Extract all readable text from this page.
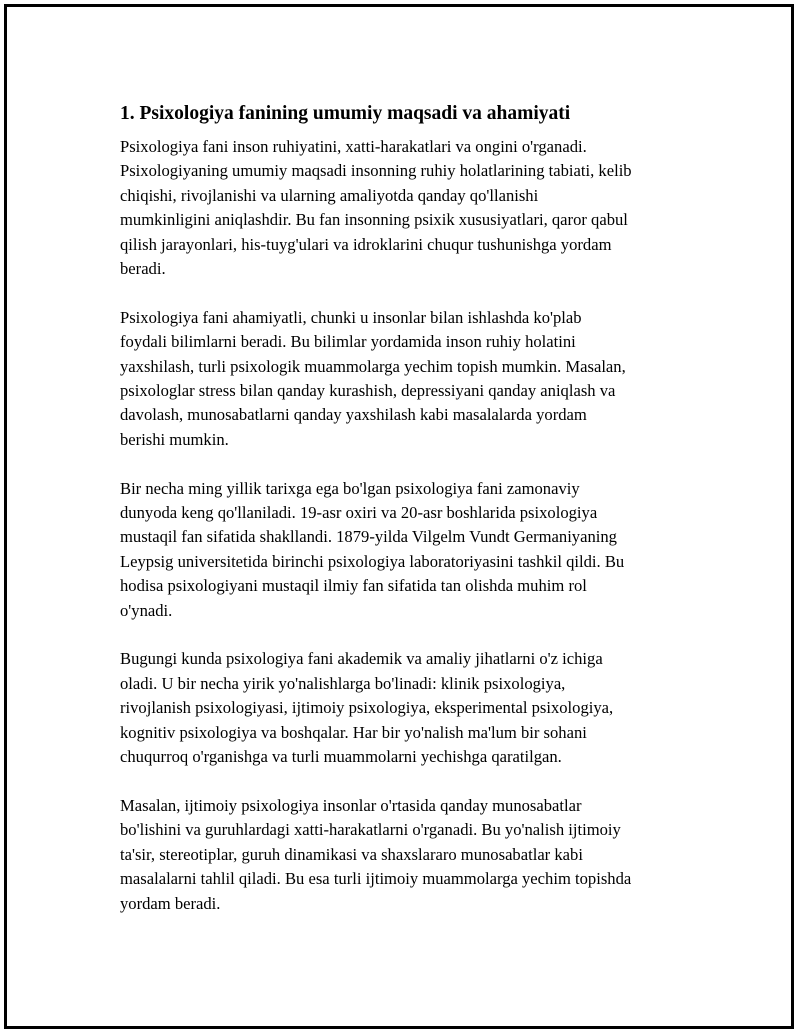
1. Psixologiya fanining umumiy maqsadi va ahamiyati

Psixologiya fani inson ruhiyatini, xatti-harakatlari va ongini o'rganadi.
Psixologiyaning umumiy maqsadi insonning ruhiy holatlarining tabiati, kelib
chiqishi, rivojlanishi va ularning amaliyotda qanday qo'llanishi
mumkinligini aniqlashdir. Bu fan insonning psixik xususiyatlari, qaror qabul
qilish jarayonlari, his-tuyg'ulari va idroklarini chuqur tushunishga yordam
beradi.

Psixologiya fani ahamiyatli, chunki u insonlar bilan ishlashda ko'plab
foydali bilimlarni beradi. Bu bilimlar yordamida inson ruhiy holatini
yaxshilash, turli psixologik muammolarga yechim topish mumkin. Masalan,
psixologlar stress bilan qanday kurashish, depressiyani qanday aniqlash va
davolash, munosabatlarni qanday yaxshilash kabi masalalarda yordam
berishi mumkin.

Bir necha ming yillik tarixga ega bo'lgan psixologiya fani zamonaviy
dunyoda keng qo'llaniladi. 19-asr oxiri va 20-asr boshlarida psixologiya
mustaqil fan sifatida shakllandi. 1879-yilda Vilgelm Vundt Germaniyaning
Leypsig universitetida birinchi psixologiya laboratoriyasini tashkil qildi. Bu
hodisa psixologiyani mustaqil ilmiy fan sifatida tan olishda muhim rol
o'ynadi.

Bugungi kunda psixologiya fani akademik va amaliy jihatlarni o'z ichiga
oladi. U bir necha yirik yo'nalishlarga bo'linadi: klinik psixologiya,
rivojlanish psixologiyasi, ijtimoiy psixologiya, eksperimental psixologiya,
kognitiv psixologiya va boshqalar. Har bir yo'nalish ma'lum bir sohani
chuqurroq o'rganishga va turli muammolarni yechishga qaratilgan.

Masalan, ijtimoiy psixologiya insonlar o'rtasida qanday munosabatlar
bo'lishini va guruhlardagi xatti-harakatlarni o'rganadi. Bu yo'nalish ijtimoiy
ta'sir, stereotiplar, guruh dinamikasi va shaxslararo munosabatlar kabi
masalalarni tahlil qiladi. Bu esa turli ijtimoiy muammolarga yechim topishda
yordam beradi.
